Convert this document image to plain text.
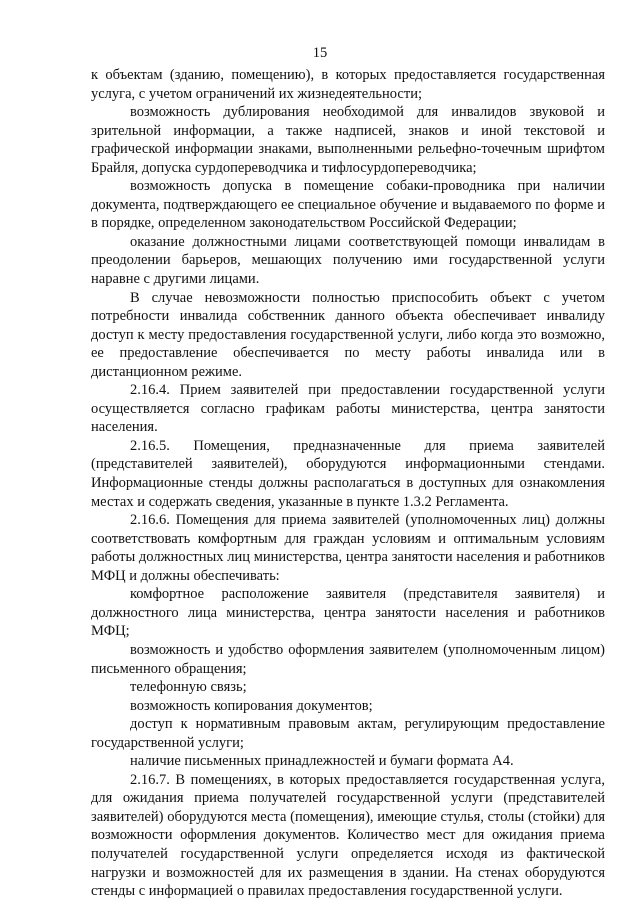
15

к объектам (зданию, помещению), в которых предоставляется государственная услуга, с учетом ограничений их жизнедеятельности;

возможность дублирования необходимой для инвалидов звуковой и зрительной информации, а также надписей, знаков и иной текстовой и графической информации знаками, выполненными рельефно-точечным шрифтом Брайля, допуска сурдопереводчика и тифлосурдопереводчика;

возможность допуска в помещение собаки-проводника при наличии документа, подтверждающего ее специальное обучение и выдаваемого по форме и в порядке, определенном законодательством Российской Федерации;

оказание должностными лицами соответствующей помощи инвалидам в преодолении барьеров, мешающих получению ими государственной услуги наравне с другими лицами.

В случае невозможности полностью приспособить объект с учетом потребности инвалида собственник данного объекта обеспечивает инвалиду доступ к месту предоставления государственной услуги, либо когда это возможно, ее предоставление обеспечивается по месту работы инвалида или в дистанционном режиме.

2.16.4. Прием заявителей при предоставлении государственной услуги осуществляется согласно графикам работы министерства, центра занятости населения.

2.16.5. Помещения, предназначенные для приема заявителей (представителей заявителей), оборудуются информационными стендами. Информационные стенды должны располагаться в доступных для ознакомления местах и содержать сведения, указанные в пункте 1.3.2 Регламента.

2.16.6. Помещения для приема заявителей (уполномоченных лиц) должны соответствовать комфортным для граждан условиям и оптимальным условиям работы должностных лиц министерства, центра занятости населения и работников МФЦ и должны обеспечивать:

комфортное расположение заявителя (представителя заявителя) и должностного лица министерства, центра занятости населения и работников МФЦ;

возможность и удобство оформления заявителем (уполномоченным лицом) письменного обращения;

телефонную связь;

возможность копирования документов;

доступ к нормативным правовым актам, регулирующим предоставление государственной услуги;

наличие письменных принадлежностей и бумаги формата А4.

2.16.7. В помещениях, в которых предоставляется государственная услуга, для ожидания приема получателей государственной услуги (представителей заявителей) оборудуются места (помещения), имеющие стулья, столы (стойки) для возможности оформления документов. Количество мест для ожидания приема получателей государственной услуги определяется исходя из фактической нагрузки и возможностей для их размещения в здании. На стенах оборудуются стенды с информацией о правилах предоставления государственной услуги.
